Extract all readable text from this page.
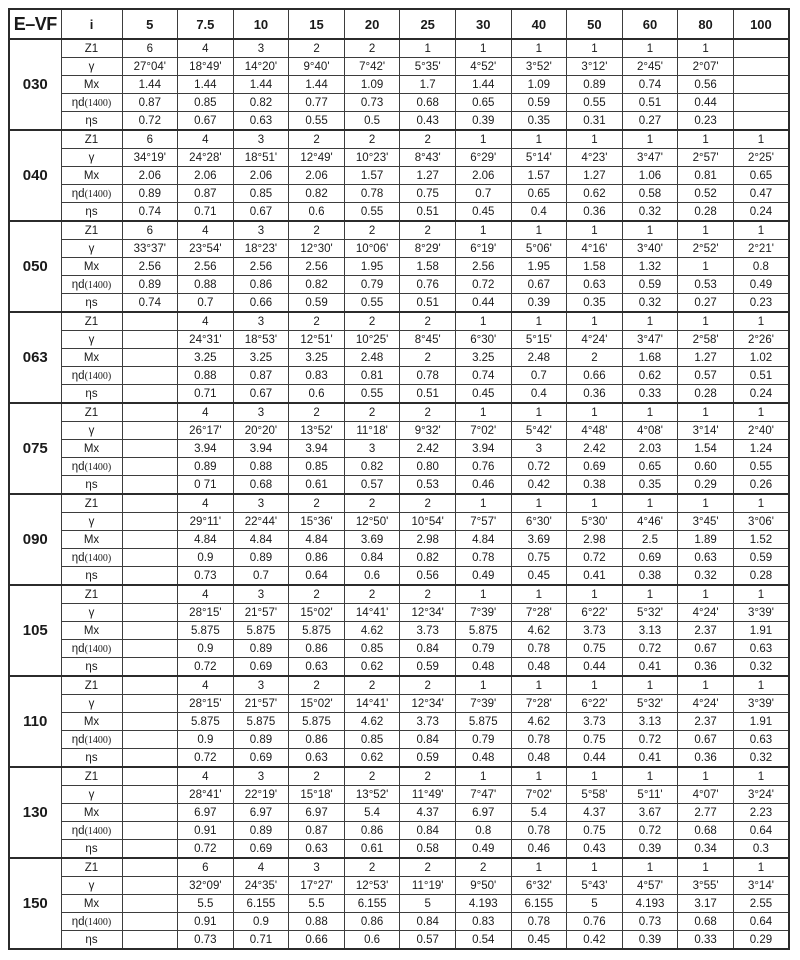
E–VF	i	5	7.5	10	15	20	25	30	40	50	60	80	100
030	Z1	6	4	3	2	2	1	1	1	1	1	1	
	γ	27°04'	18°49'	14°20'	9°40'	7°42'	5°35'	4°52'	3°52'	3°12'	2°45'	2°07'	
	Mx	1.44	1.44	1.44	1.44	1.09	1.7	1.44	1.09	0.89	0.74	0.56	
	ηd(1400)	0.87	0.85	0.82	0.77	0.73	0.68	0.65	0.59	0.55	0.51	0.44	
	ηs	0.72	0.67	0.63	0.55	0.5	0.43	0.39	0.35	0.31	0.27	0.23	
040	Z1	6	4	3	2	2	2	1	1	1	1	1	1
	γ	34°19'	24°28'	18°51'	12°49'	10°23'	8°43'	6°29'	5°14'	4°23'	3°47'	2°57'	2°25'
	Mx	2.06	2.06	2.06	2.06	1.57	1.27	2.06	1.57	1.27	1.06	0.81	0.65
	ηd(1400)	0.89	0.87	0.85	0.82	0.78	0.75	0.7	0.65	0.62	0.58	0.52	0.47
	ηs	0.74	0.71	0.67	0.6	0.55	0.51	0.45	0.4	0.36	0.32	0.28	0.24
050	Z1	6	4	3	2	2	2	1	1	1	1	1	1
	γ	33°37'	23°54'	18°23'	12°30'	10°06'	8°29'	6°19'	5°06'	4°16'	3°40'	2°52'	2°21'
	Mx	2.56	2.56	2.56	2.56	1.95	1.58	2.56	1.95	1.58	1.32	1	0.8
	ηd(1400)	0.89	0.88	0.86	0.82	0.79	0.76	0.72	0.67	0.63	0.59	0.53	0.49
	ηs	0.74	0.7	0.66	0.59	0.55	0.51	0.44	0.39	0.35	0.32	0.27	0.23
063	Z1		4	3	2	2	2	1	1	1	1	1	1
	γ		24°31'	18°53'	12°51'	10°25'	8°45'	6°30'	5°15'	4°24'	3°47'	2°58'	2°26'
	Mx		3.25	3.25	3.25	2.48	2	3.25	2.48	2	1.68	1.27	1.02
	ηd(1400)		0.88	0.87	0.83	0.81	0.78	0.74	0.7	0.66	0.62	0.57	0.51
	ηs		0.71	0.67	0.6	0.55	0.51	0.45	0.4	0.36	0.33	0.28	0.24
075	Z1		4	3	2	2	2	1	1	1	1	1	1
	γ		26°17'	20°20'	13°52'	11°18'	9°32'	7°02'	5°42'	4°48'	4°08'	3°14'	2°40'
	Mx		3.94	3.94	3.94	3	2.42	3.94	3	2.42	2.03	1.54	1.24
	ηd(1400)		0.89	0.88	0.85	0.82	0.80	0.76	0.72	0.69	0.65	0.60	0.55
	ηs		0 71	0.68	0.61	0.57	0.53	0.46	0.42	0.38	0.35	0.29	0.26
090	Z1		4	3	2	2	2	1	1	1	1	1	1
	γ		29°11'	22°44'	15°36'	12°50'	10°54'	7°57'	6°30'	5°30'	4°46'	3°45'	3°06'
	Mx		4.84	4.84	4.84	3.69	2.98	4.84	3.69	2.98	2.5	1.89	1.52
	ηd(1400)		0.9	0.89	0.86	0.84	0.82	0.78	0.75	0.72	0.69	0.63	0.59
	ηs		0.73	0.7	0.64	0.6	0.56	0.49	0.45	0.41	0.38	0.32	0.28
105	Z1		4	3	2	2	2	1	1	1	1	1	1
	γ		28°15'	21°57'	15°02'	14°41'	12°34'	7°39'	7°28'	6°22'	5°32'	4°24'	3°39'
	Mx		5.875	5.875	5.875	4.62	3.73	5.875	4.62	3.73	3.13	2.37	1.91
	ηd(1400)		0.9	0.89	0.86	0.85	0.84	0.79	0.78	0.75	0.72	0.67	0.63
	ηs		0.72	0.69	0.63	0.62	0.59	0.48	0.48	0.44	0.41	0.36	0.32
110	Z1		4	3	2	2	2	1	1	1	1	1	1
	γ		28°15'	21°57'	15°02'	14°41'	12°34'	7°39'	7°28'	6°22'	5°32'	4°24'	3°39'
	Mx		5.875	5.875	5.875	4.62	3.73	5.875	4.62	3.73	3.13	2.37	1.91
	ηd(1400)		0.9	0.89	0.86	0.85	0.84	0.79	0.78	0.75	0.72	0.67	0.63
	ηs		0.72	0.69	0.63	0.62	0.59	0.48	0.48	0.44	0.41	0.36	0.32
130	Z1		4	3	2	2	2	1	1	1	1	1	1
	γ		28°41'	22°19'	15°18'	13°52'	11°49'	7°47'	7°02'	5°58'	5°11'	4°07'	3°24'
	Mx		6.97	6.97	6.97	5.4	4.37	6.97	5.4	4.37	3.67	2.77	2.23
	ηd(1400)		0.91	0.89	0.87	0.86	0.84	0.8	0.78	0.75	0.72	0.68	0.64
	ηs		0.72	0.69	0.63	0.61	0.58	0.49	0.46	0.43	0.39	0.34	0.3
150	Z1		6	4	3	2	2	2	1	1	1	1	1
	γ		32°09'	24°35'	17°27'	12°53'	11°19'	9°50'	6°32'	5°43'	4°57'	3°55'	3°14'
	Mx		5.5	6.155	5.5	6.155	5	4.193	6.155	5	4.193	3.17	2.55
	ηd(1400)		0.91	0.9	0.88	0.86	0.84	0.83	0.78	0.76	0.73	0.68	0.64
	ηs		0.73	0.71	0.66	0.6	0.57	0.54	0.45	0.42	0.39	0.33	0.29
